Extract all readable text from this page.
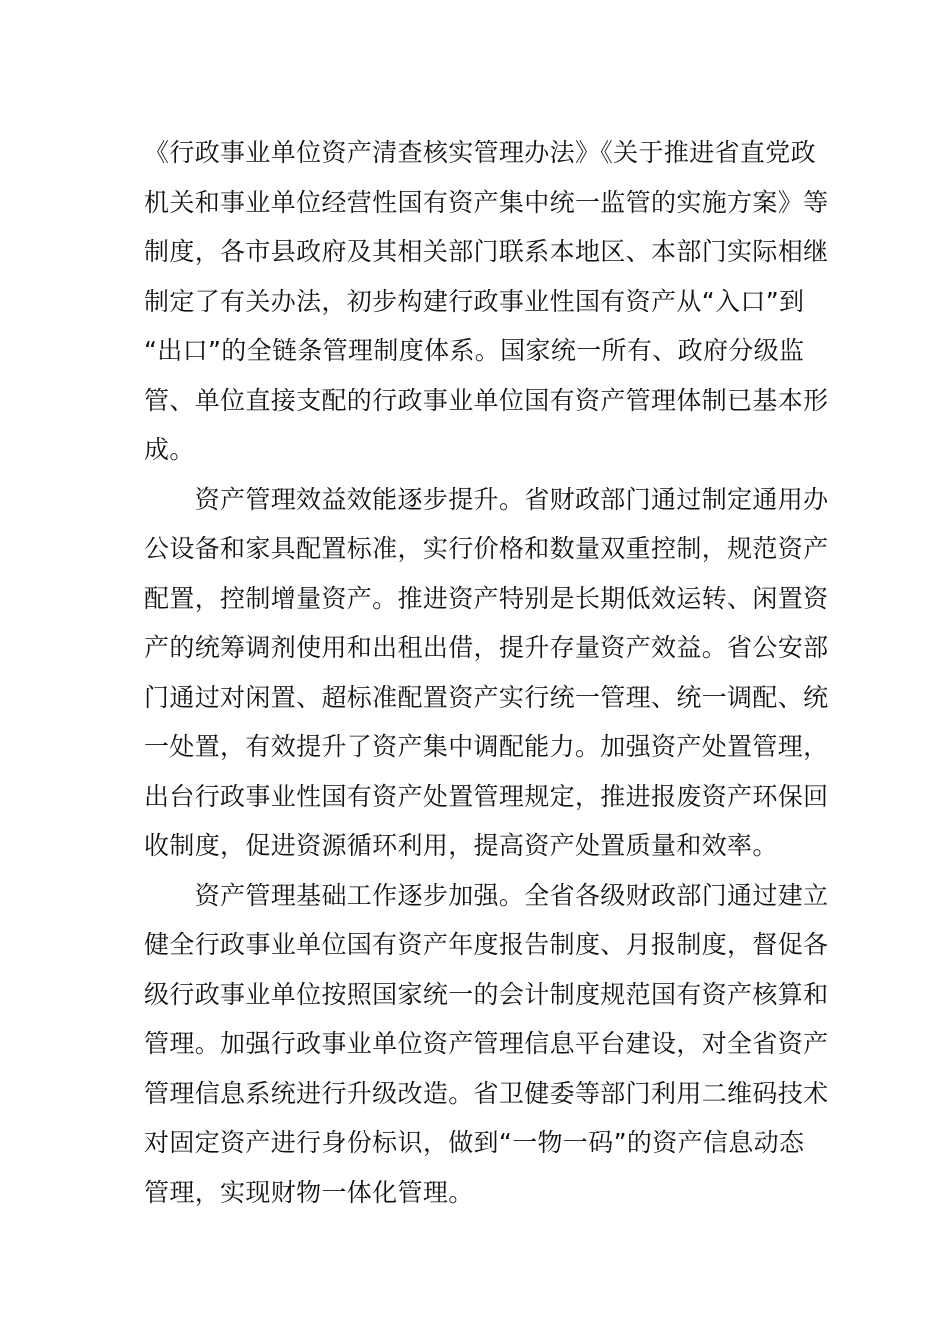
《行政事业单位资产清查核实管理办法》《关于推进省直党政
机关和事业单位经营性国有资产集中统一监管的实施方案》等
制度，各市县政府及其相关部门联系本地区、本部门实际相继
制定了有关办法，初步构建行政事业性国有资产从“入口”到
“出口”的全链条管理制度体系。国家统一所有、政府分级监
管、单位直接支配的行政事业单位国有资产管理体制已基本形
成。
　　资产管理效益效能逐步提升。省财政部门通过制定通用办
公设备和家具配置标准，实行价格和数量双重控制，规范资产
配置，控制增量资产。推进资产特别是长期低效运转、闲置资
产的统筹调剂使用和出租出借，提升存量资产效益。省公安部
门通过对闲置、超标准配置资产实行统一管理、统一调配、统
一处置，有效提升了资产集中调配能力。加强资产处置管理，
出台行政事业性国有资产处置管理规定，推进报废资产环保回
收制度，促进资源循环利用，提高资产处置质量和效率。
　　资产管理基础工作逐步加强。全省各级财政部门通过建立
健全行政事业单位国有资产年度报告制度、月报制度，督促各
级行政事业单位按照国家统一的会计制度规范国有资产核算和
管理。加强行政事业单位资产管理信息平台建设，对全省资产
管理信息系统进行升级改造。省卫健委等部门利用二维码技术
对固定资产进行身份标识，做到“一物一码”的资产信息动态
管理，实现财物一体化管理。
